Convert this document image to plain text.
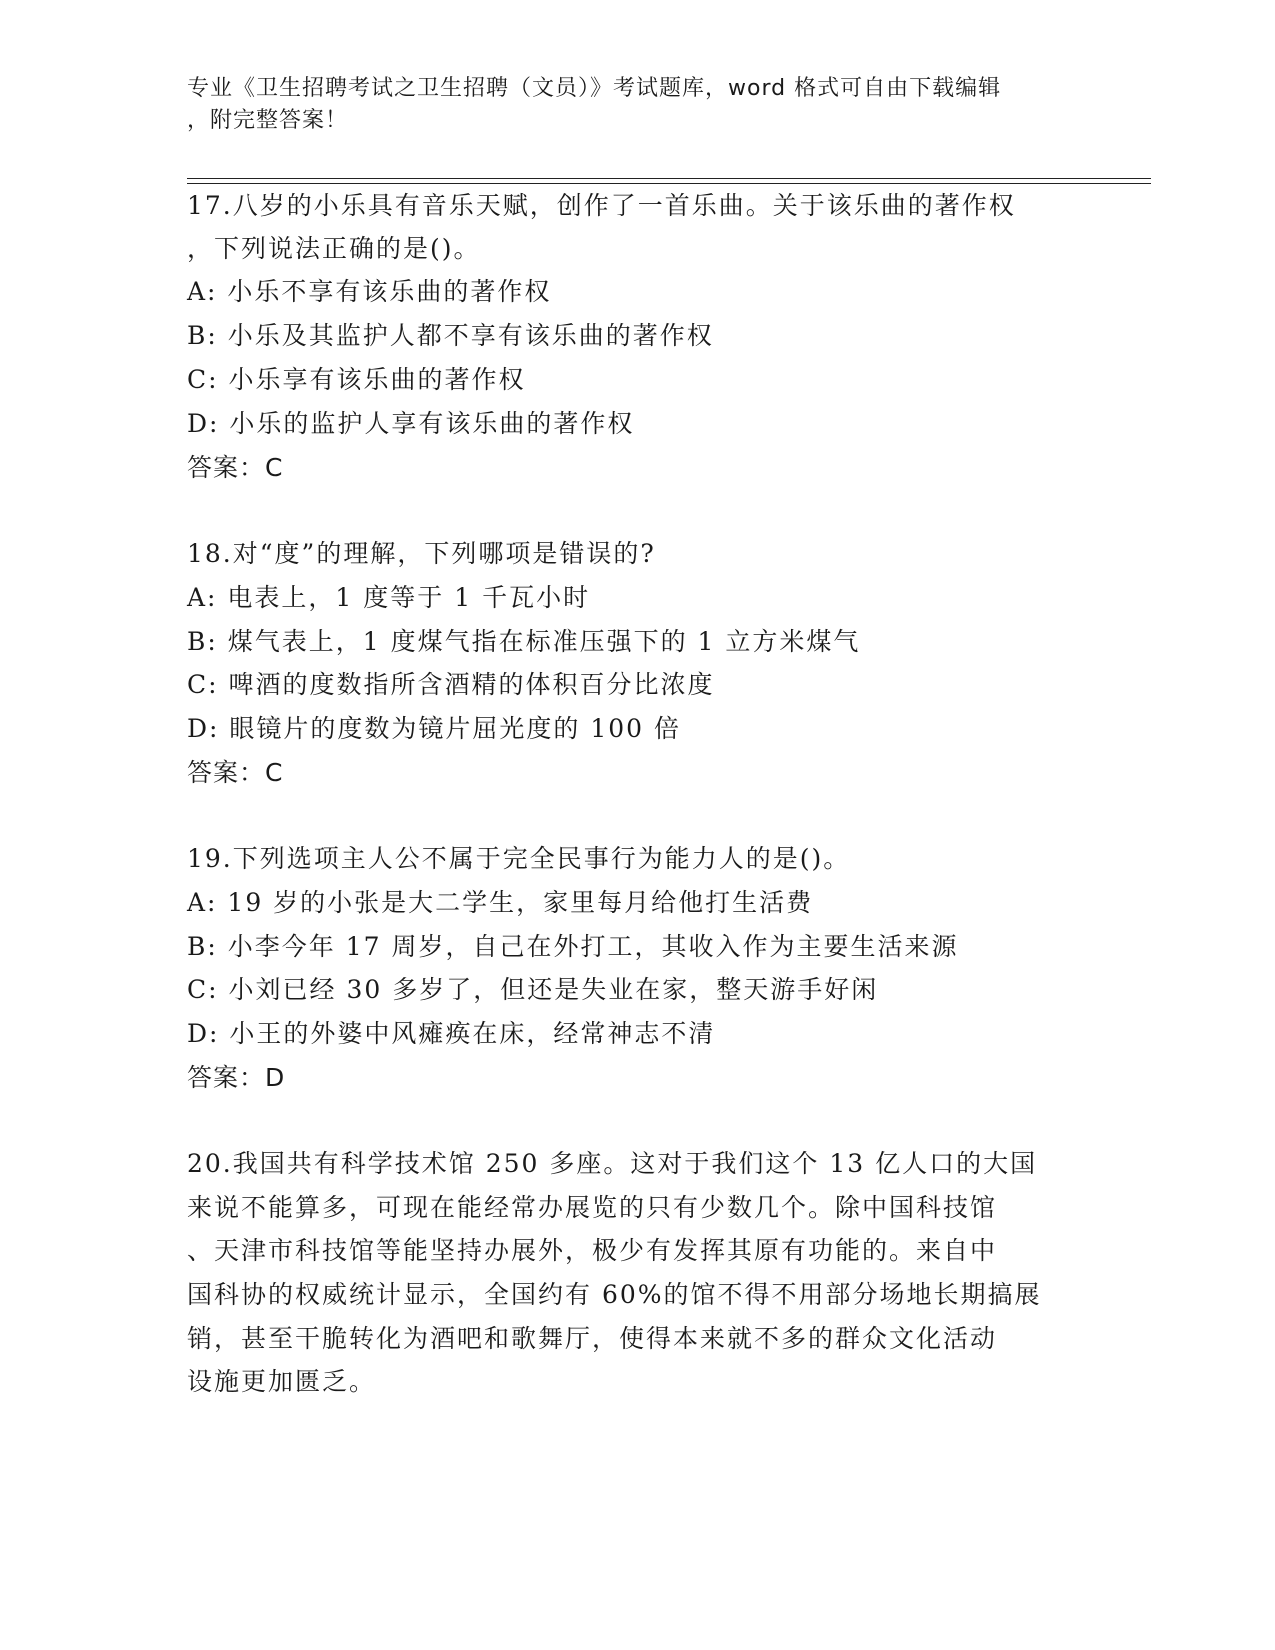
专业《卫生招聘考试之卫生招聘（文员）》考试题库，word 格式可自由下载编辑
，附完整答案！
17.八岁的小乐具有音乐天赋，创作了一首乐曲。关于该乐曲的著作权
，下列说法正确的是()。
A: 小乐不享有该乐曲的著作权
B: 小乐及其监护人都不享有该乐曲的著作权
C: 小乐享有该乐曲的著作权
D: 小乐的监护人享有该乐曲的著作权
答案：C
18.对“度”的理解，下列哪项是错误的?
A: 电表上，1 度等于 1 千瓦小时
B: 煤气表上，1 度煤气指在标准压强下的 1 立方米煤气
C: 啤酒的度数指所含酒精的体积百分比浓度
D: 眼镜片的度数为镜片屈光度的 100 倍
答案：C
19.下列选项主人公不属于完全民事行为能力人的是()。
A: 19 岁的小张是大二学生，家里每月给他打生活费
B: 小李今年 17 周岁，自己在外打工，其收入作为主要生活来源
C: 小刘已经 30 多岁了，但还是失业在家，整天游手好闲
D: 小王的外婆中风瘫痪在床，经常神志不清
答案：D
20.我国共有科学技术馆 250 多座。这对于我们这个 13 亿人口的大国
来说不能算多，可现在能经常办展览的只有少数几个。除中国科技馆
、天津市科技馆等能坚持办展外，极少有发挥其原有功能的。来自中
国科协的权威统计显示，全国约有 60%的馆不得不用部分场地长期搞展
销，甚至干脆转化为酒吧和歌舞厅，使得本来就不多的群众文化活动
设施更加匮乏。
